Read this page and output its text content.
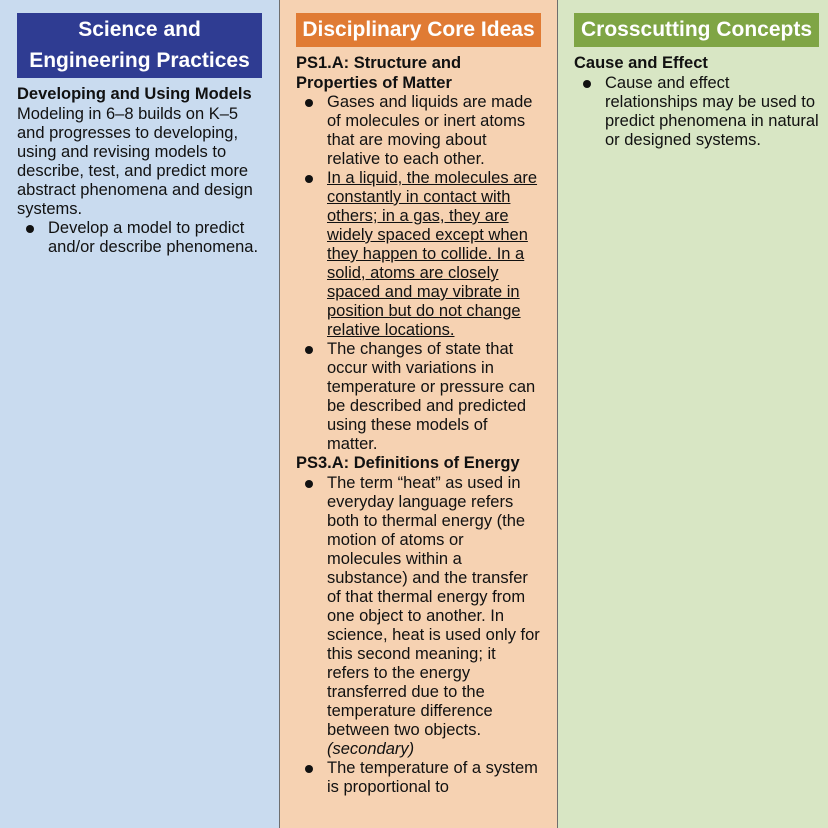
Science and Engineering Practices
Developing and Using Models
Modeling in 6–8 builds on K–5 and progresses to developing, using and revising models to describe, test, and predict more abstract phenomena and design systems.
Develop a model to predict and/or describe phenomena.
Disciplinary Core Ideas
PS1.A: Structure and Properties of Matter
Gases and liquids are made of molecules or inert atoms that are moving about relative to each other.
In a liquid, the molecules are constantly in contact with others; in a gas, they are widely spaced except when they happen to collide. In a solid, atoms are closely spaced and may vibrate in position but do not change relative locations.
The changes of state that occur with variations in temperature or pressure can be described and predicted using these models of matter.
PS3.A: Definitions of Energy
The term “heat” as used in everyday language refers both to thermal energy (the motion of atoms or molecules within a substance) and the transfer of that thermal energy from one object to another. In science, heat is used only for this second meaning; it refers to the energy transferred due to the temperature difference between two objects.
(secondary)
The temperature of a system is proportional to
Crosscutting Concepts
Cause and Effect
Cause and effect relationships may be used to predict phenomena in natural or designed systems.
